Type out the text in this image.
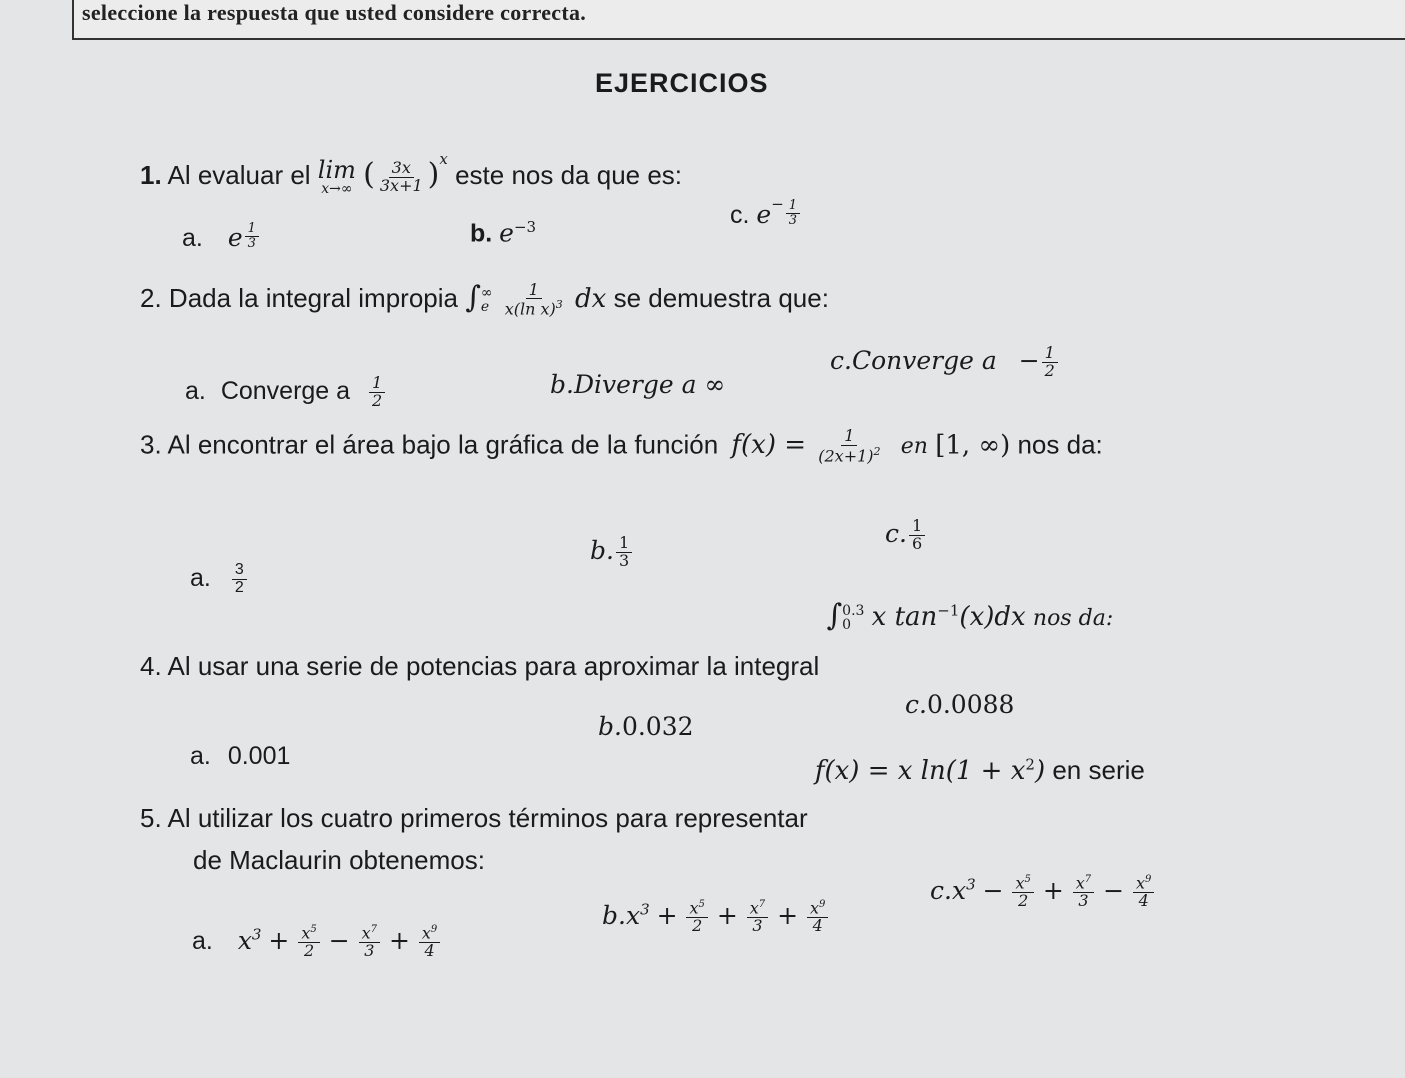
seleccione la respuesta que usted considere correcta.
EJERCICIOS
1. Al evaluar el lim
x→∞ ( $\frac{3x}{3x+1} )^x$ este nos da que es:
a. e $\frac{1}{3}$	b. $e^{-3}$	c. $e^- \frac{1}{3}$
2. Dada la integral impropia ∫ ∞
e
$\frac{1}{x(\ln x)^3}$ dx se demuestra que:
a. Converge a $\frac{1}{2}$	b.Diverge a ∞
c.Converge $a - \frac{1}{2}$
3. Al encontrar el área bajo la gráfica de la función $f(x) = \frac{1}{(2x+1)^2}$ en [1, ∞) nos da:
a. $\frac{3}{2}$
b. $\frac{1}{3}$
c. $\frac{1}{6}$
4. Al usar una serie de potencias para aproximar la integral ∫ 0.3
0 x $\tan^{-1}(x)dx$ nos da:
a. 0.001
b.0.032
c.0.0088
5. Al utilizar los cuatro primeros términos para representar f(x) = x $\ln(1 + x^2)$ en serie
de Maclaurin obtenemos:
a. $x^3 + \frac{x^5}{2} - \frac{x^7}{3} + \frac{x^9}{4}$
$b.x^3 + \frac{x^5}{2} + \frac{x^7}{3} + \frac{x^9}{4}$
$c.x^3 - \frac{x^5}{2} + \frac{x^7}{3} - \frac{x^9}{4}$
